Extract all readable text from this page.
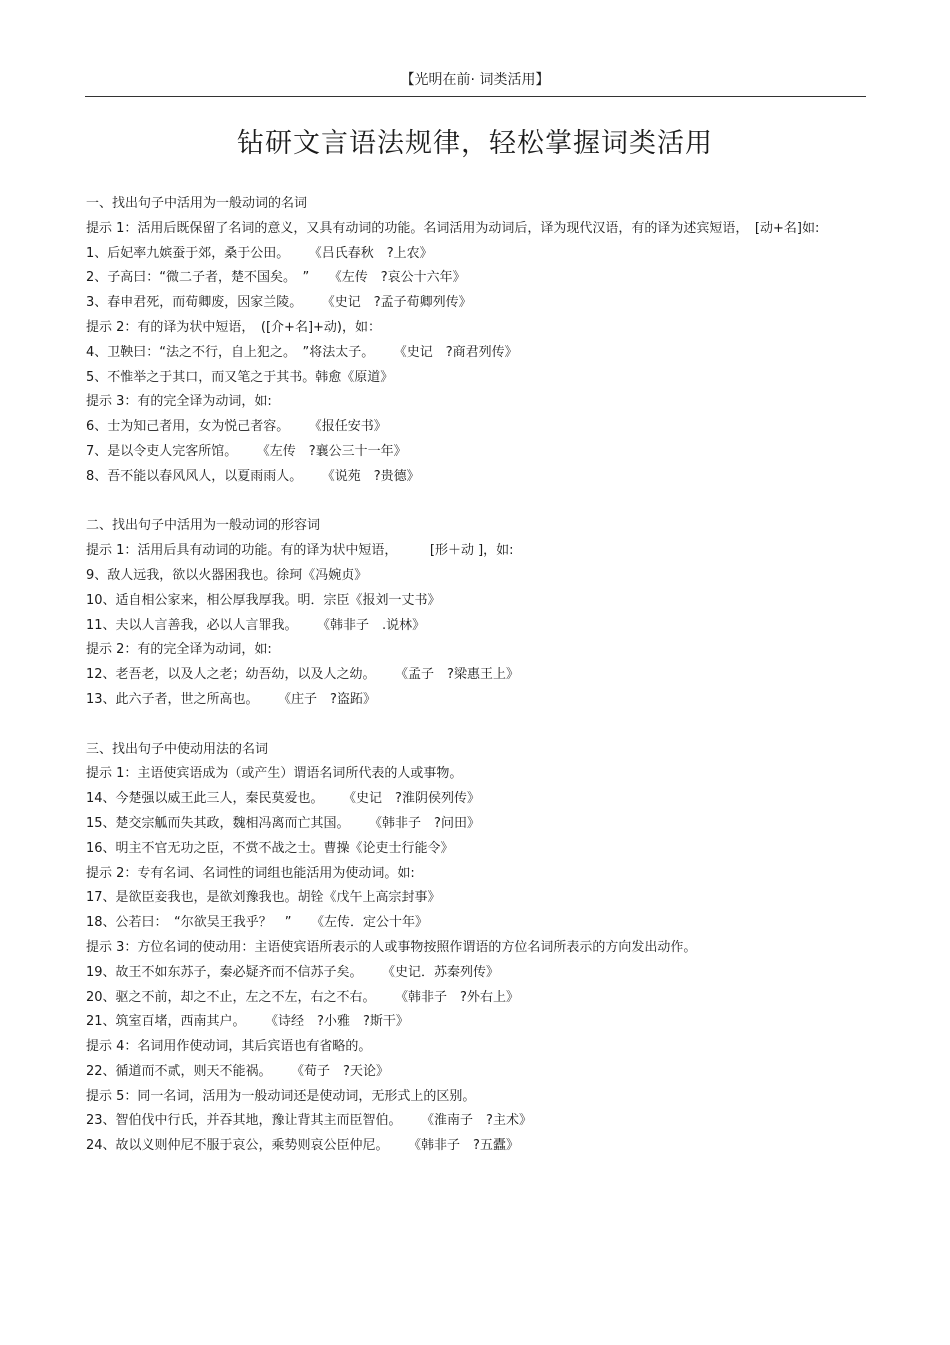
【光明在前· 词类活用】
钻研文言语法规律，轻松掌握词类活用
一、找出句子中活用为一般动词的名词
提示 1：活用后既保留了名词的意义，又具有动词的功能。名词活用为动词后，译为现代汉语，有的译为述宾短语，　[动+名]如:
1、后妃率九嫔蚕于郊，桑于公田。 《吕氏春秋　?上农》
2、子高曰：“微二子者，楚不国矣。　” 《左传　?哀公十六年》
3、春申君死，而荀卿废，因家兰陵。 《史记　?孟子荀卿列传》
提示 2：有的译为状中短语，　([介+名]+动)，如：
4、卫鞅曰：“法之不行，自上犯之。　”将法太子。 《史记　?商君列传》
5、不惟举之于其口，而又笔之于其书。韩愈《原道》
提示 3：有的完全译为动词，如:
6、士为知己者用，女为悦己者容。 《报任安书》
7、是以令吏人完客所馆。 《左传　?襄公三十一年》
8、吾不能以春风风人，以夏雨雨人。 《说苑　?贵德》
二、找出句子中活用为一般动词的形容词
提示 1：活用后具有动词的功能。有的译为状中短语，　　　[形＋动 ]，如:
9、敌人远我，欲以火器困我也。徐珂《冯婉贞》
10、适自相公家来，相公厚我厚我。明．宗臣《报刘一丈书》
11、夫以人言善我，必以人言罪我。 《韩非子　.说林》
提示 2：有的完全译为动词，如:
12、老吾老，以及人之老；幼吾幼，以及人之幼。 《孟子　?梁惠王上》
13、此六子者，世之所高也。 《庄子　?盗跖》
三、找出句子中使动用法的名词
提示 1：主语使宾语成为（或产生）谓语名词所代表的人或事物。
14、今楚强以威王此三人，秦民莫爱也。 《史记　?淮阴侯列传》
15、楚交宗觚而失其政，魏相冯离而亡其国。 《韩非子　?问田》
16、明主不官无功之臣，不赏不战之士。曹操《论吏士行能令》
提示 2：专有名词、名词性的词组也能活用为使动词。如:
17、是欲臣妾我也，是欲刘豫我也。胡铨《戊午上高宗封事》
18、公若曰：　“尔欲吴王我乎？　” 《左传．定公十年》
提示 3：方位名词的使动用：主语使宾语所表示的人或事物按照作谓语的方位名词所表示的方向发出动作。
19、故王不如东苏子，秦必疑齐而不信苏子矣。 《史记．苏秦列传》
20、驱之不前，却之不止，左之不左，右之不右。 《韩非子　?外右上》
21、筑室百堵，西南其户。 《诗经　?小雅　?斯干》
提示 4：名词用作使动词，其后宾语也有省略的。
22、循道而不贰，则天不能祸。 《荀子　?天论》
提示 5：同一名词，活用为一般动词还是使动词，无形式上的区别。
23、智伯伐中行氏，并吞其地，豫让背其主而臣智伯。 《淮南子　?主术》
24、故以义则仲尼不服于哀公，乘势则哀公臣仲尼。 《韩非子　?五蠹》
